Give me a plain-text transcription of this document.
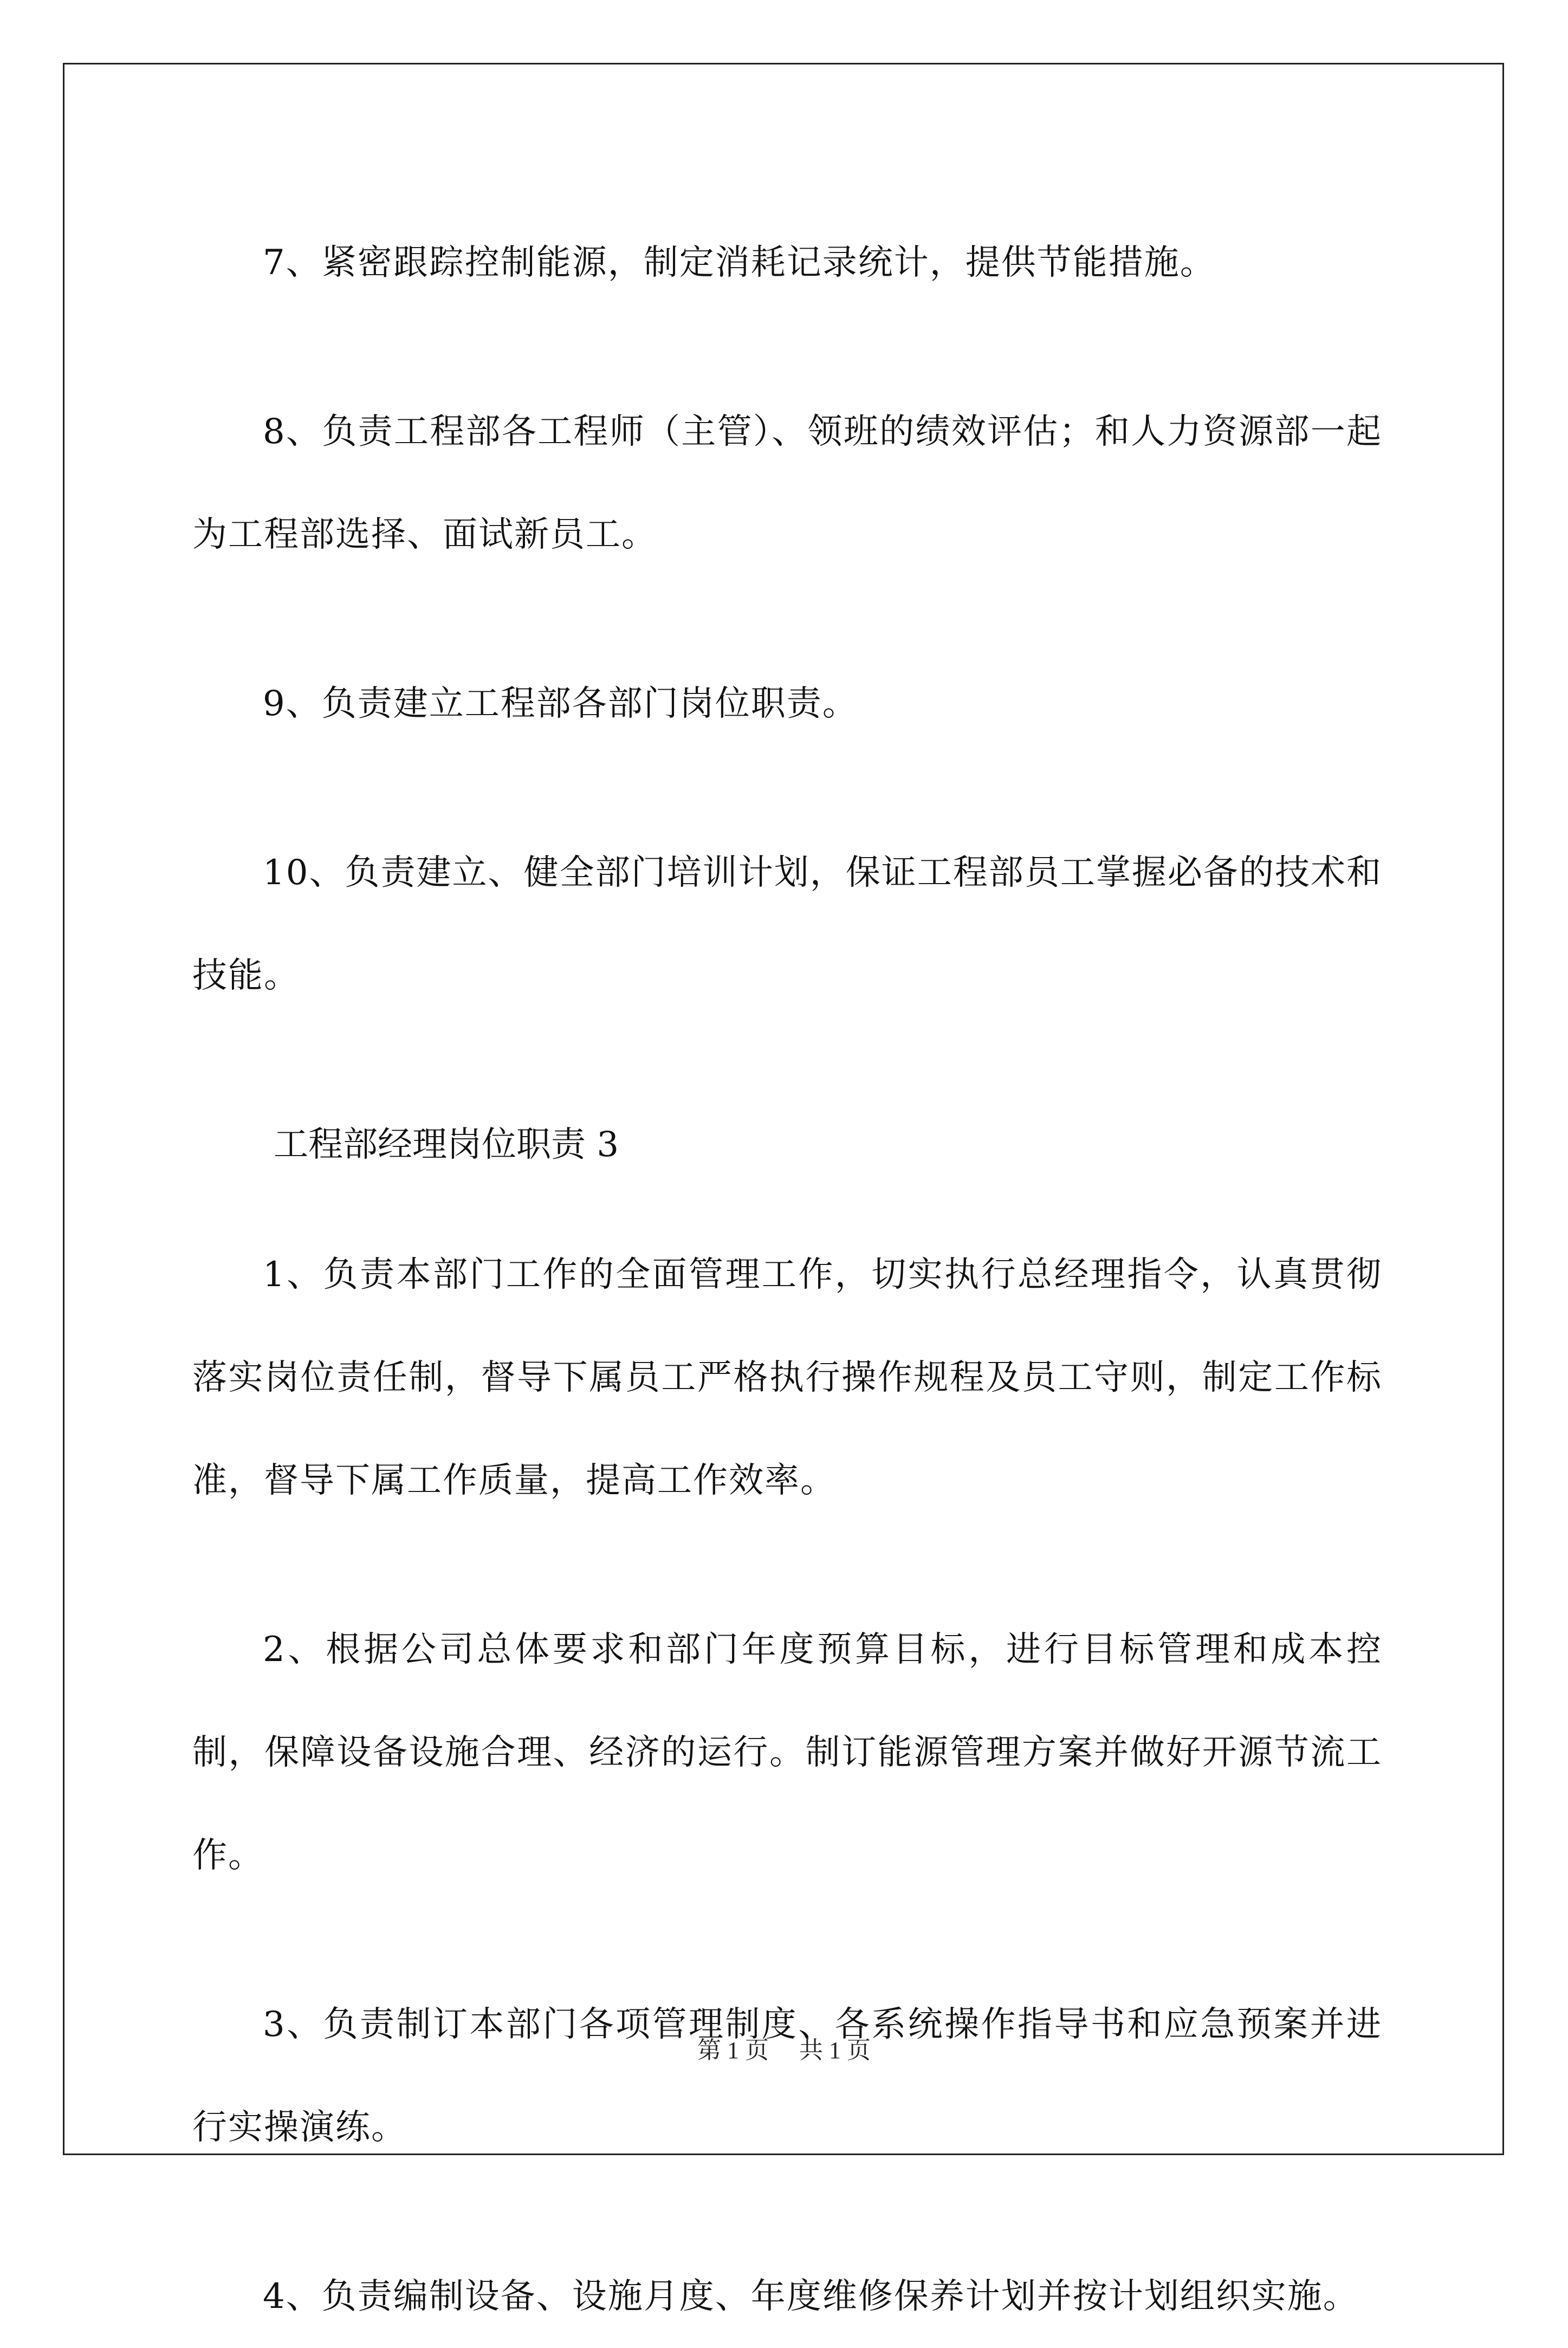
7、紧密跟踪控制能源，制定消耗记录统计，提供节能措施。

8、负责工程部各工程师（主管）、领班的绩效评估；和人力资源部一起为工程部选择、面试新员工。

9、负责建立工程部各部门岗位职责。

10、负责建立、健全部门培训计划，保证工程部员工掌握必备的技术和技能。

工程部经理岗位职责 3

1、负责本部门工作的全面管理工作，切实执行总经理指令，认真贯彻落实岗位责任制，督导下属员工严格执行操作规程及员工守则，制定工作标准，督导下属工作质量，提高工作效率。

2、根据公司总体要求和部门年度预算目标，进行目标管理和成本控制，保障设备设施合理、经济的运行。制订能源管理方案并做好开源节流工作。

3、负责制订本部门各项管理制度、各系统操作指导书和应急预案并进行实操演练。

4、负责编制设备、设施月度、年度维修保养计划并按计划组织实施。

第 1 页 共 1 页
